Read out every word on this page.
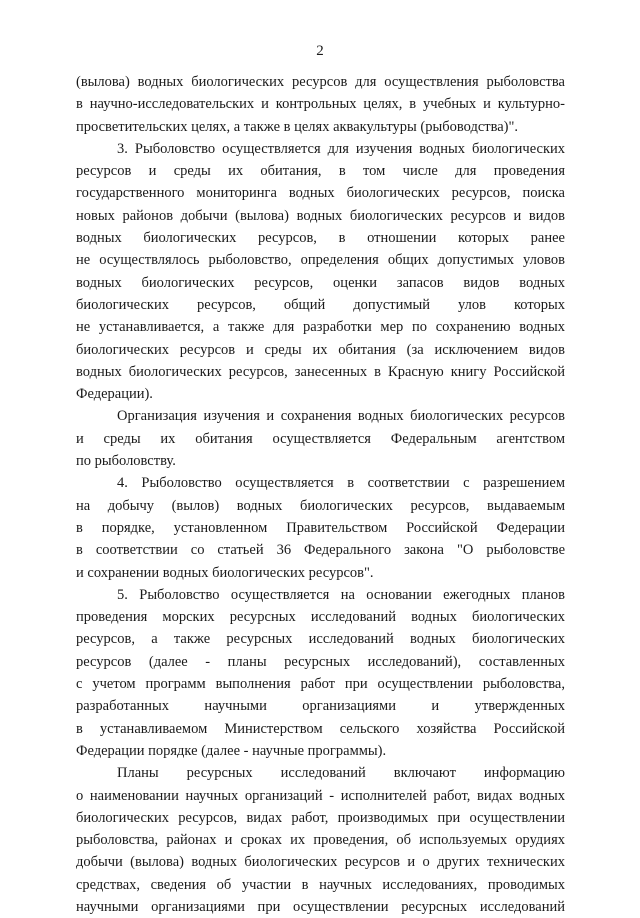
2
(вылова) водных биологических ресурсов для осуществления рыболовства
в научно-исследовательских и контрольных целях, в учебных и культурно-
просветительских целях, а также в целях аквакультуры (рыбоводства)".
3. Рыболовство осуществляется для изучения водных биологических
ресурсов и среды их обитания, в том числе для проведения
государственного мониторинга водных биологических ресурсов, поиска
новых районов добычи (вылова) водных биологических ресурсов и видов
водных биологических ресурсов, в отношении которых ранее
не осуществлялось рыболовство, определения общих допустимых уловов
водных биологических ресурсов, оценки запасов видов водных
биологических ресурсов, общий допустимый улов которых
не устанавливается, а также для разработки мер по сохранению водных
биологических ресурсов и среды их обитания (за исключением видов
водных биологических ресурсов, занесенных в Красную книгу Российской
Федерации).
Организация изучения и сохранения водных биологических ресурсов
и среды их обитания осуществляется Федеральным агентством
по рыболовству.
4. Рыболовство осуществляется в соответствии с разрешением
на добычу (вылов) водных биологических ресурсов, выдаваемым
в порядке, установленном Правительством Российской Федерации
в соответствии со статьей 36 Федерального закона "О рыболовстве
и сохранении водных биологических ресурсов".
5. Рыболовство осуществляется на основании ежегодных планов
проведения морских ресурсных исследований водных биологических
ресурсов, а также ресурсных исследований водных биологических
ресурсов (далее - планы ресурсных исследований), составленных
с учетом программ выполнения работ при осуществлении рыболовства,
разработанных научными организациями и утвержденных
в устанавливаемом Министерством сельского хозяйства Российской
Федерации порядке (далее - научные программы).
Планы ресурсных исследований включают информацию
о наименовании научных организаций - исполнителей работ, видах водных
биологических ресурсов, видах работ, производимых при осуществлении
рыболовства, районах и сроках их проведения, об используемых орудиях
добычи (вылова) водных биологических ресурсов и о других технических
средствах, сведения об участии в научных исследованиях, проводимых
научными организациями при осуществлении ресурсных исследований
